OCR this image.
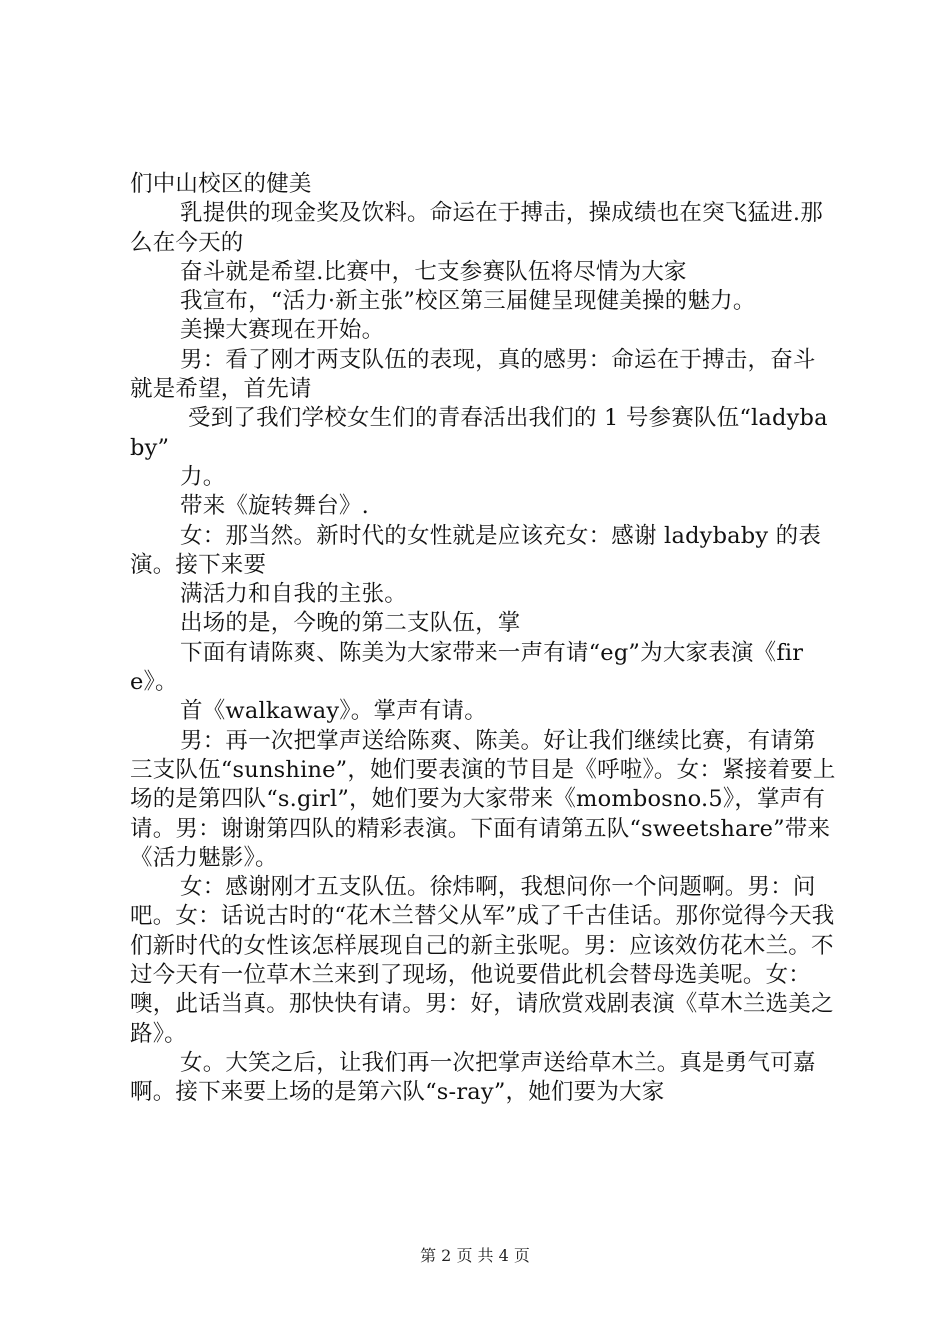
们中山校区的健美

乳提供的现金奖及饮料。命运在于搏击，操成绩也在突飞猛进.那么在今天的

奋斗就是希望.比赛中，七支参赛队伍将尽情为大家

我宣布，“活力·新主张”校区第三届健呈现健美操的魅力。

美操大赛现在开始。

男：看了刚才两支队伍的表现，真的感男：命运在于搏击，奋斗就是希望，首先请

受到了我们学校女生们的青春活出我们的 1 号参赛队伍“ladybaby”

力。

带来《旋转舞台》.

女：那当然。新时代的女性就是应该充女：感谢 ladybaby 的表演。接下来要

满活力和自我的主张。

出场的是，今晚的第二支队伍，掌

下面有请陈爽、陈美为大家带来一声有请“eg”为大家表演《fire》。

首《walkaway》。掌声有请。

男：再一次把掌声送给陈爽、陈美。好让我们继续比赛，有请第三支队伍“sunshine”，她们要表演的节目是《呼啦》。女：紧接着要上场的是第四队“s.girl”，她们要为大家带来《mombosno.5》，掌声有请。男：谢谢第四队的精彩表演。下面有请第五队“sweetshare”带来《活力魅影》。

女：感谢刚才五支队伍。徐炜啊，我想问你一个问题啊。男：问吧。女：话说古时的“花木兰替父从军”成了千古佳话。那你觉得今天我们新时代的女性该怎样展现自己的新主张呢。男：应该效仿花木兰。不过今天有一位草木兰来到了现场，他说要借此机会替母选美呢。女：噢，此话当真。那快快有请。男：好，请欣赏戏剧表演《草木兰选美之路》。

女。大笑之后，让我们再一次把掌声送给草木兰。真是勇气可嘉啊。接下来要上场的是第六队“s-ray”，她们要为大家

第 2 页 共 4 页
